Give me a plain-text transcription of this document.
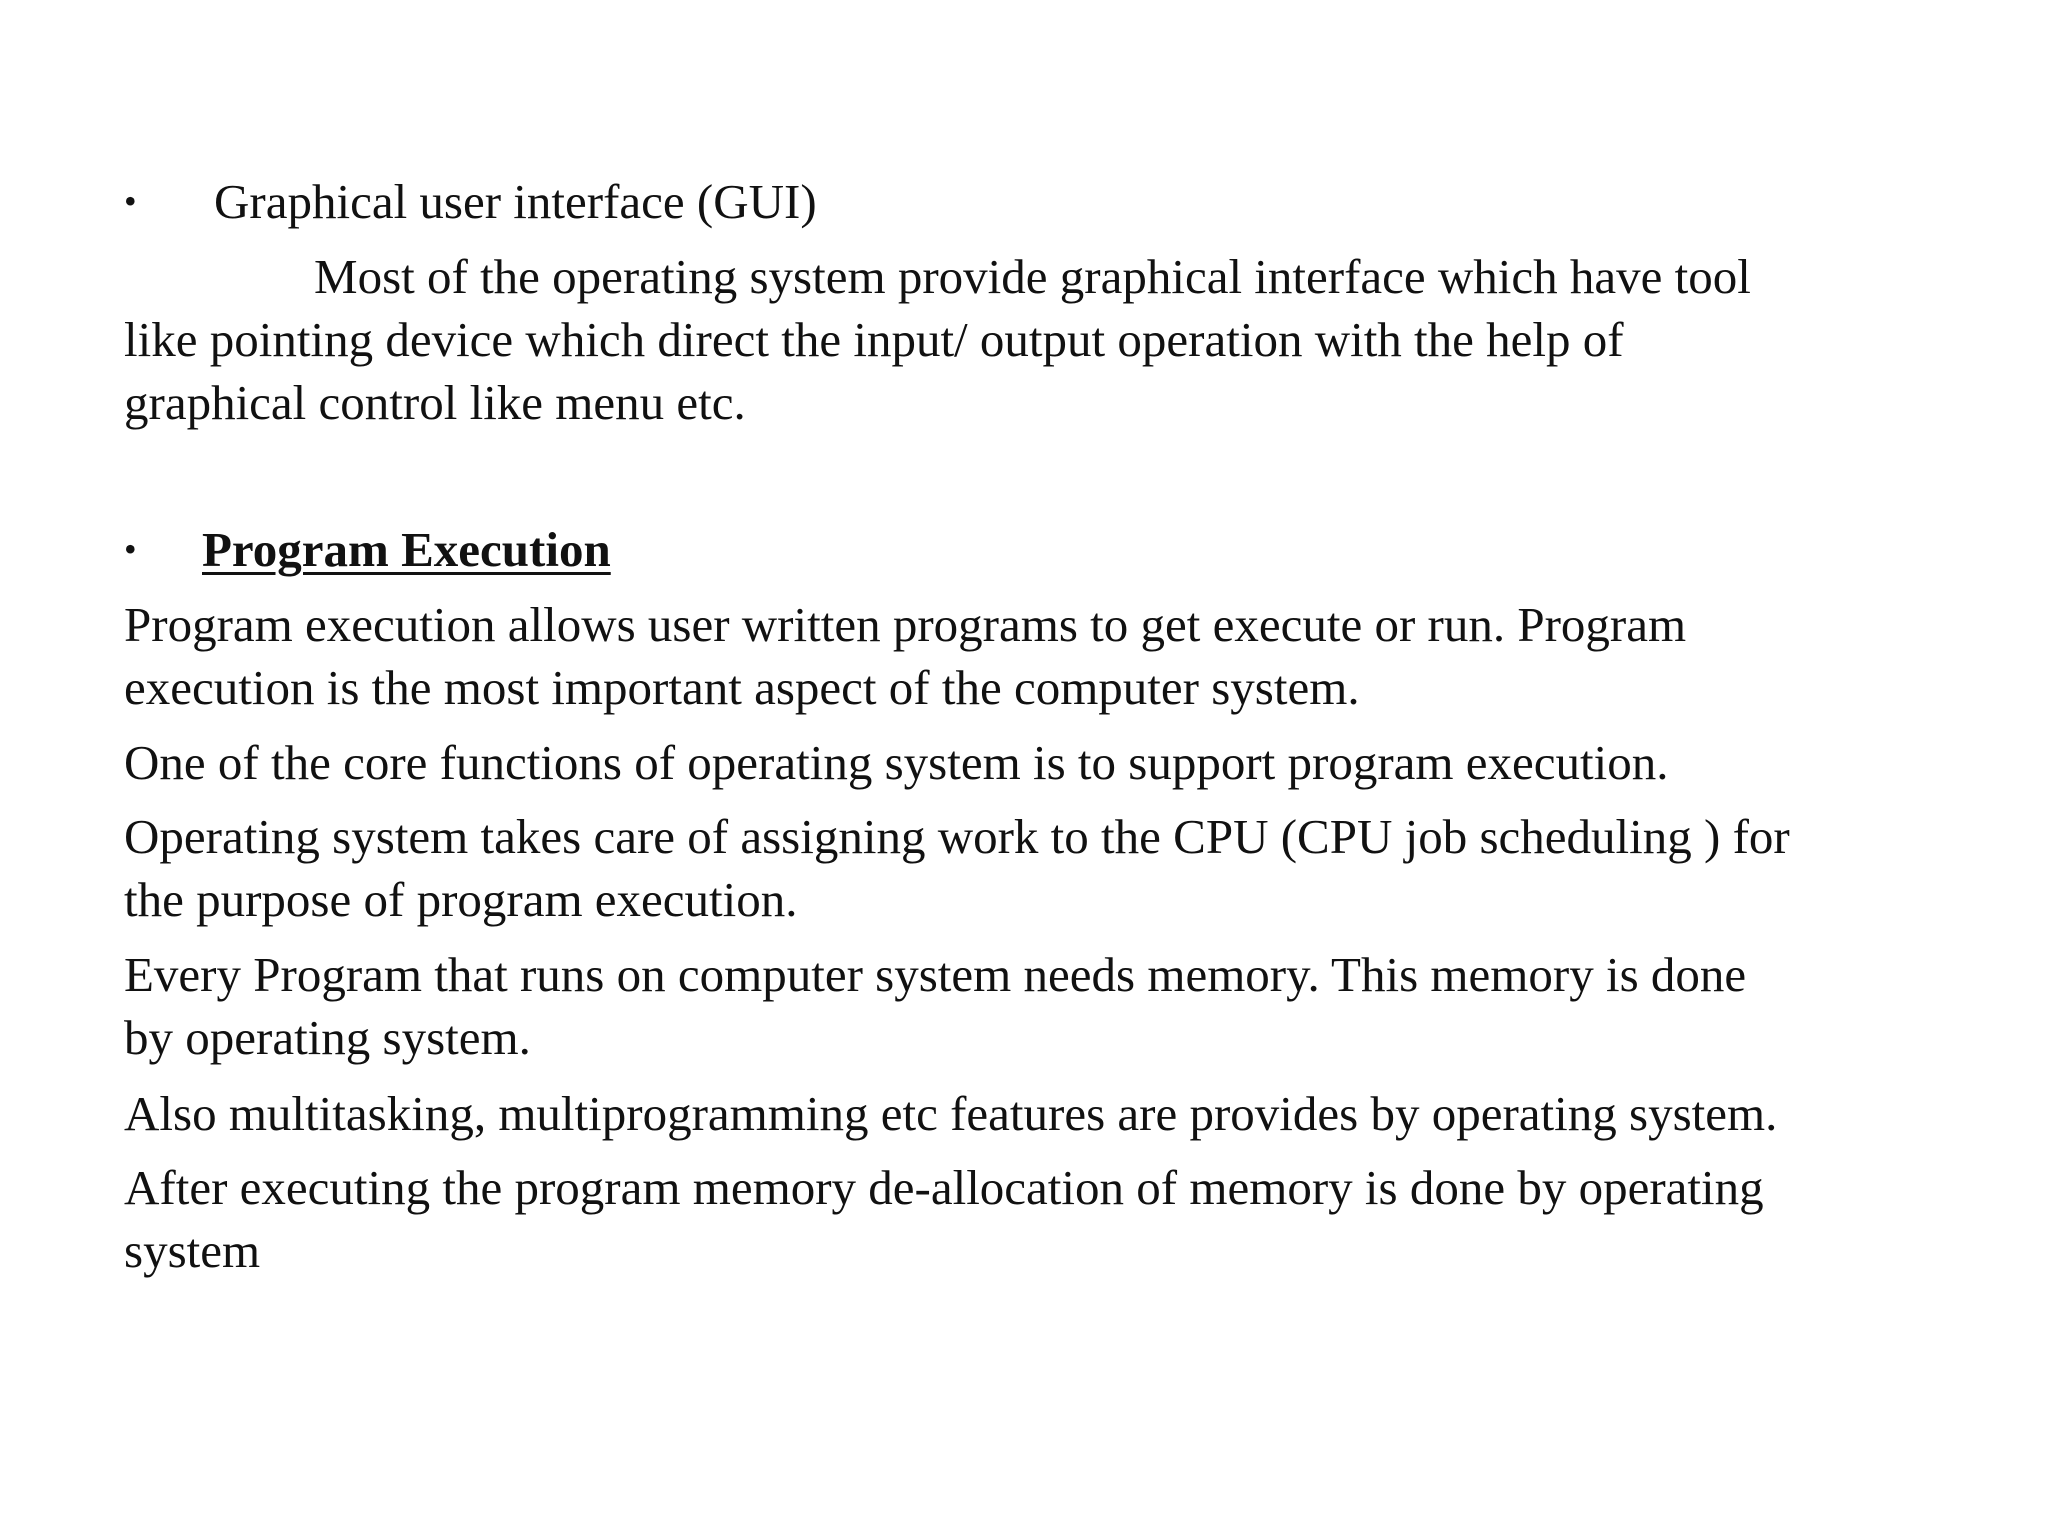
• Graphical user interface (GUI)
Most of the operating system provide graphical interface which have tool
like pointing device which direct the input/ output operation with the help of
graphical control like menu etc.
• Program Execution
Program execution allows user written programs to get execute or run. Program
execution is the most important aspect of the computer system.
One of the core functions of operating system is to support program execution.
Operating system takes care of assigning work to the CPU (CPU job scheduling ) for
the purpose of program execution.
Every Program that runs on computer system needs memory. This memory is done
by operating system.
Also multitasking, multiprogramming etc features are provides by operating system.
After executing the program memory de-allocation of memory is done by operating
system
